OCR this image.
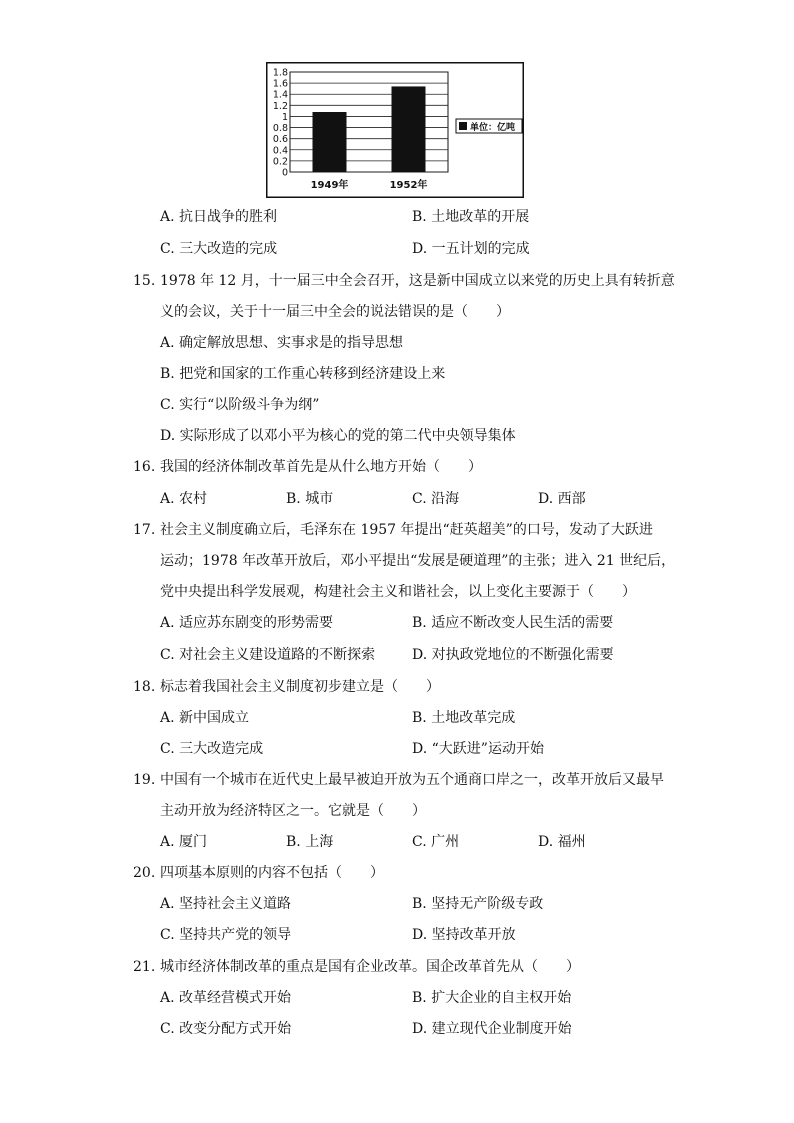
0
0.2
0.4
0.6
0.8
1
1.2
1.4
1.6
1.8
1949年	1952年
单位：亿吨
A. 抗日战争的胜利	B. 土地改革的开展
C. 三大改造的完成	D. 一五计划的完成
15. 1978 年 12 月，十一届三中全会召开，这是新中国成立以来党的历史上具有转折意
义的会议，关于十一届三中全会的说法错误的是（　　）
A. 确定解放思想、实事求是的指导思想
B. 把党和国家的工作重心转移到经济建设上来
C. 实行“以阶级斗争为纲”
D. 实际形成了以邓小平为核心的党的第二代中央领导集体
16. 我国的经济体制改革首先是从什么地方开始（　　）
A. 农村	B. 城市	C. 沿海	D. 西部
17. 社会主义制度确立后，毛泽东在 1957 年提出“赶英超美”的口号，发动了大跃进
运动；1978 年改革开放后，邓小平提出“发展是硬道理”的主张；进入 21 世纪后，
党中央提出科学发展观，构建社会主义和谐社会，以上变化主要源于（　　）
A. 适应苏东剧变的形势需要	B. 适应不断改变人民生活的需要
C. 对社会主义建设道路的不断探索	D. 对执政党地位的不断强化需要
18. 标志着我国社会主义制度初步建立是（　　）
A. 新中国成立	B. 土地改革完成
C. 三大改造完成	D. “大跃进”运动开始
19. 中国有一个城市在近代史上最早被迫开放为五个通商口岸之一，改革开放后又最早
主动开放为经济特区之一。它就是（　　）
A. 厦门	B. 上海	C. 广州	D. 福州
20. 四项基本原则的内容不包括（　　）
A. 坚持社会主义道路	B. 坚持无产阶级专政
C. 坚持共产党的领导	D. 坚持改革开放
21. 城市经济体制改革的重点是国有企业改革。国企改革首先从（　　）
A. 改革经营模式开始	B. 扩大企业的自主权开始
C. 改变分配方式开始	D. 建立现代企业制度开始
